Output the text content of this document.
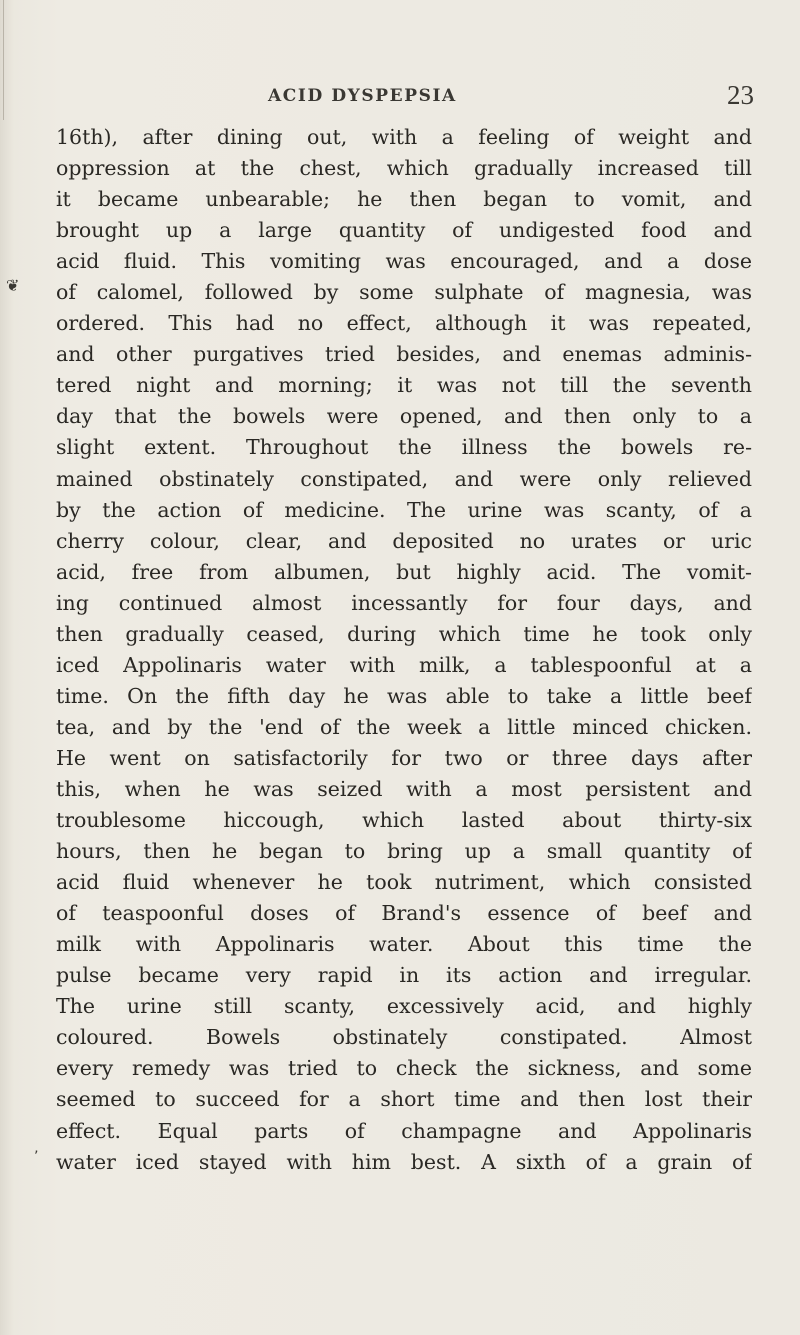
ACID DYSPEPSIA	23
❦
’
16th), after dining out, with a feeling of weight and
oppression at the chest, which gradually increased till
it became unbearable; he then began to vomit, and
brought up a large quantity of undigested food and
acid fluid. This vomiting was encouraged, and a dose
of calomel, followed by some sulphate of magnesia, was
ordered. This had no effect, although it was repeated,
and other purgatives tried besides, and enemas adminis-
tered night and morning; it was not till the seventh
day that the bowels were opened, and then only to a
slight extent. Throughout the illness the bowels re-
mained obstinately constipated, and were only relieved
by the action of medicine. The urine was scanty, of a
cherry colour, clear, and deposited no urates or uric
acid, free from albumen, but highly acid. The vomit-
ing continued almost incessantly for four days, and
then gradually ceased, during which time he took only
iced Appolinaris water with milk, a tablespoonful at a
time. On the fifth day he was able to take a little beef
tea, and by the 'end of the week a little minced chicken.
He went on satisfactorily for two or three days after
this, when he was seized with a most persistent and
troublesome hiccough, which lasted about thirty-six
hours, then he began to bring up a small quantity of
acid fluid whenever he took nutriment, which consisted
of teaspoonful doses of Brand's essence of beef and
milk with Appolinaris water. About this time the
pulse became very rapid in its action and irregular.
The urine still scanty, excessively acid, and highly
coloured. Bowels obstinately constipated. Almost
every remedy was tried to check the sickness, and some
seemed to succeed for a short time and then lost their
effect. Equal parts of champagne and Appolinaris
water iced stayed with him best. A sixth of a grain of
